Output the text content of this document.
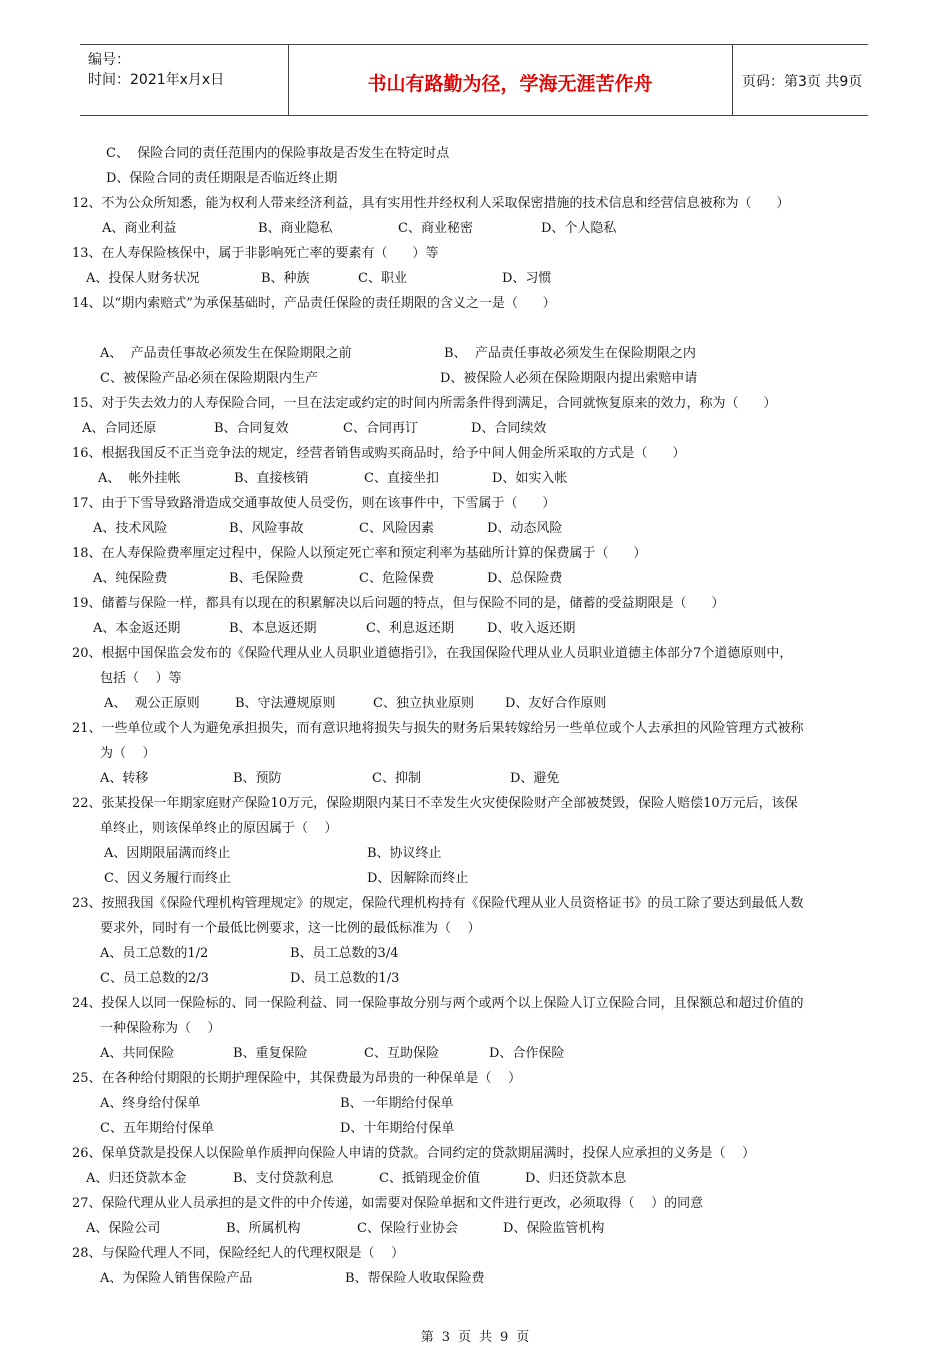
编号：
时间：2021年x月x日	书山有路勤为径，学海无涯苦作舟	页码：第3页 共9页
C、  保险合同的责任范围内的保险事故是否发生在特定时点
D、保险合同的责任期限是否临近终止期
12、不为公众所知悉，能为权利人带来经济利益，具有实用性并经权利人采取保密措施的技术信息和经营信息被称为（      ）
A、商业利益	B、商业隐私	C、商业秘密	D、个人隐私
13、在人寿保险核保中，属于非影响死亡率的要素有（      ）等
A、投保人财务状况	B、种族	C、职业	D、习惯
14、以“期内索赔式”为承保基础时，产品责任保险的责任期限的含义之一是（      ）
A、  产品责任事故必须发生在保险期限之前	B、  产品责任事故必须发生在保险期限之内
C、被保险产品必须在保险期限内生产	D、被保险人必须在保险期限内提出索赔申请
15、对于失去效力的人寿保险合同，一旦在法定或约定的时间内所需条件得到满足，合同就恢复原来的效力，称为（      ）
A、合同还原	B、合同复效	C、合同再订	D、合同续效
16、根据我国反不正当竞争法的规定，经营者销售或购买商品时，给予中间人佣金所采取的方式是（      ）
A、  帐外挂帐	B、直接核销	C、直接坐扣	D、如实入帐
17、由于下雪导致路滑造成交通事故使人员受伤，则在该事件中，下雪属于（      ）
A、技术风险	B、风险事故	C、风险因素	D、动态风险
18、在人寿保险费率厘定过程中，保险人以预定死亡率和预定利率为基础所计算的保费属于（      ）
A、纯保险费	B、毛保险费	C、危险保费	D、总保险费
19、储蓄与保险一样，都具有以现在的积累解决以后问题的特点，但与保险不同的是，储蓄的受益期限是（      ）
A、本金返还期	B、本息返还期	C、利息返还期	D、收入返还期
20、根据中国保监会发布的《保险代理从业人员职业道德指引》，在我国保险代理从业人员职业道德主体部分7个道德原则中，
包括（    ）等
A、  观公正原则	B、守法遵规原则	C、独立执业原则 D、友好合作原则
21、一些单位或个人为避免承担损失，而有意识地将损失与损失的财务后果转嫁给另一些单位或个人去承担的风险管理方式被称
为（    ）
A、转移	B、预防	C、抑制	D、避免
22、张某投保一年期家庭财产保险10万元，保险期限内某日不幸发生火灾使保险财产全部被焚毁，保险人赔偿10万元后，该保
单终止，则该保单终止的原因属于（    ）
A、因期限届满而终止	B、协议终止
C、因义务履行而终止	D、因解除而终止
23、按照我国《保险代理机构管理规定》的规定，保险代理机构持有《保险代理从业人员资格证书》的员工除了要达到最低人数
要求外，同时有一个最低比例要求，这一比例的最低标准为（    ）
A、员工总数的1/2	B、员工总数的3/4
C、员工总数的2/3	D、员工总数的1/3
24、投保人以同一保险标的、同一保险利益、同一保险事故分别与两个或两个以上保险人订立保险合同，且保额总和超过价值的
一种保险称为（    ）
A、共同保险	B、重复保险	C、互助保险	D、合作保险
25、在各种给付期限的长期护理保险中，其保费最为昂贵的一种保单是（    ）
A、终身给付保单	B、一年期给付保单
C、五年期给付保单	D、十年期给付保单
26、保单贷款是投保人以保险单作质押向保险人申请的贷款。合同约定的贷款期届满时，投保人应承担的义务是（    ）
A、归还贷款本金	B、支付贷款利息	C、抵销现金价值	D、归还贷款本息
27、保险代理从业人员承担的是文件的中介传递，如需要对保险单据和文件进行更改，必须取得（    ）的同意
A、保险公司	B、所属机构	C、保险行业协会	D、保险监管机构
28、与保险代理人不同，保险经纪人的代理权限是（    ）
A、为保险人销售保险产品	B、帮保险人收取保险费
第 3 页 共 9 页
